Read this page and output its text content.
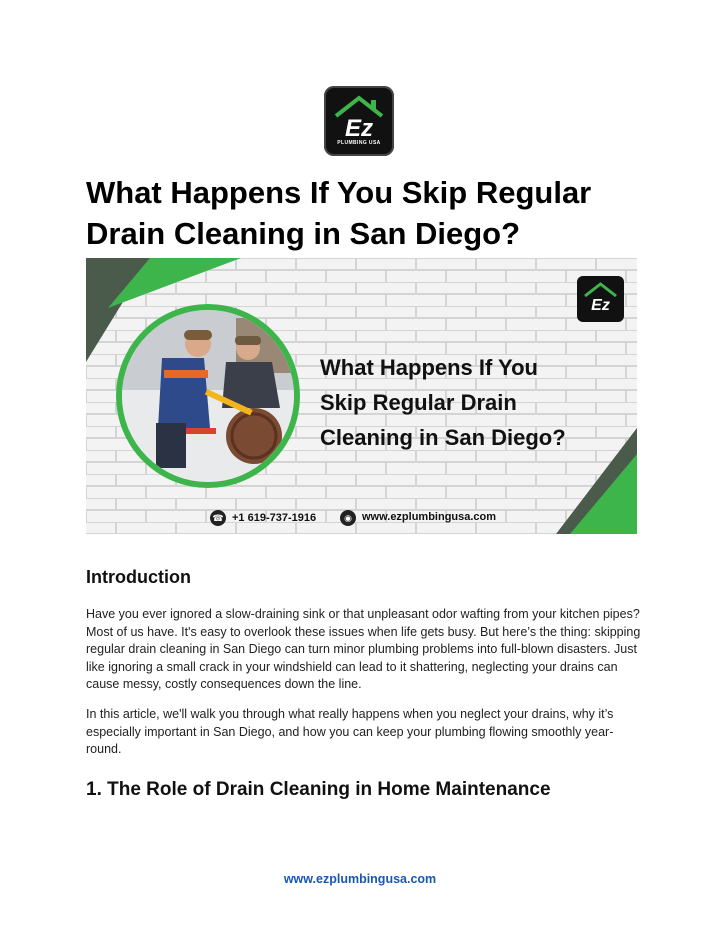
Ez
PLUMBING USA
What Happens If You Skip Regular
Drain Cleaning in San Diego?
Ez
What Happens If You
Skip Regular Drain
Cleaning in San Diego?
☎ +1 619-737-1916	◉ www.ezplumbingusa.com
Introduction

Have you ever ignored a slow-draining sink or that unpleasant odor wafting from your kitchen pipes? Most of us have. It's easy to overlook these issues when life gets busy. But here’s the thing: skipping regular drain cleaning in San Diego can turn minor plumbing problems into full-blown disasters. Just like ignoring a small crack in your windshield can lead to it shattering, neglecting your drains can cause messy, costly consequences down the line.

In this article, we'll walk you through what really happens when you neglect your drains, why it’s especially important in San Diego, and how you can keep your plumbing flowing smoothly year-round.

1. The Role of Drain Cleaning in Home Maintenance
www.ezplumbingusa.com
